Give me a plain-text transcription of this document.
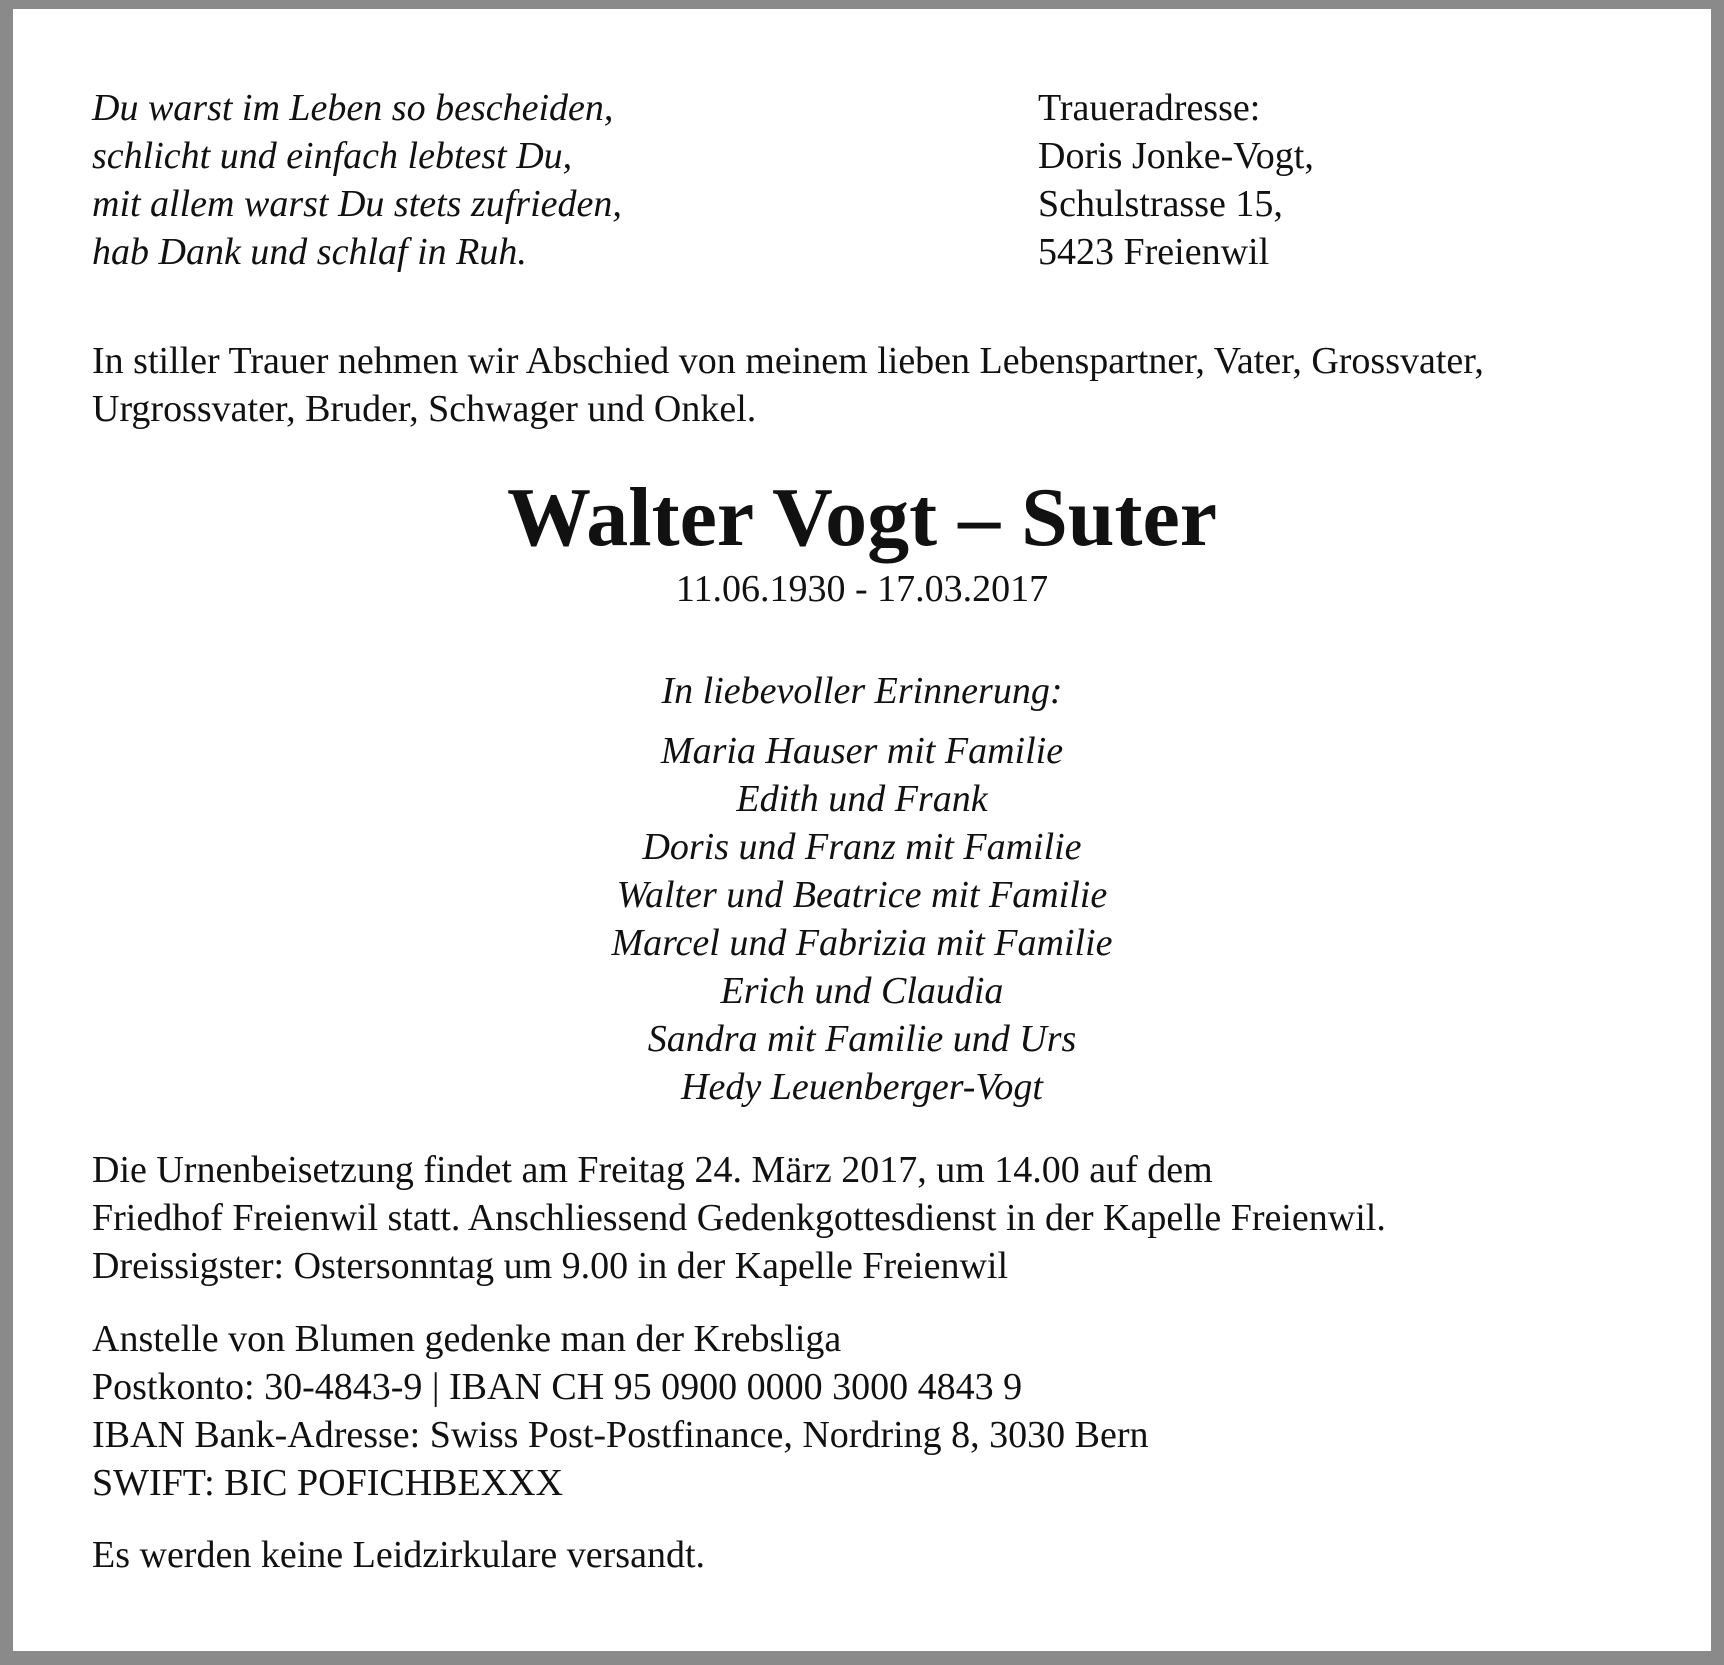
Du warst im Leben so bescheiden,
schlicht und einfach lebtest Du,
mit allem warst Du stets zufrieden,
hab Dank und schlaf in Ruh.
Traueradresse:
Doris Jonke-Vogt,
Schulstrasse 15,
5423 Freienwil
In stiller Trauer nehmen wir Abschied von meinem lieben Lebenspartner, Vater, Grossvater,
Urgrossvater, Bruder, Schwager und Onkel.
Walter Vogt – Suter
11.06.1930 - 17.03.2017
In liebevoller Erinnerung:
Maria Hauser mit Familie
Edith und Frank
Doris und Franz mit Familie
Walter und Beatrice mit Familie
Marcel und Fabrizia mit Familie
Erich und Claudia
Sandra mit Familie und Urs
Hedy Leuenberger-Vogt
Die Urnenbeisetzung findet am Freitag 24. März 2017, um 14.00 auf dem
Friedhof Freienwil statt. Anschliessend Gedenkgottesdienst in der Kapelle Freienwil.
Dreissigster: Ostersonntag um 9.00 in der Kapelle Freienwil
Anstelle von Blumen gedenke man der Krebsliga
Postkonto: 30-4843-9 | IBAN CH 95 0900 0000 3000 4843 9
IBAN Bank-Adresse: Swiss Post-Postfinance, Nordring 8, 3030 Bern
SWIFT: BIC POFICHBEXXX
Es werden keine Leidzirkulare versandt.
